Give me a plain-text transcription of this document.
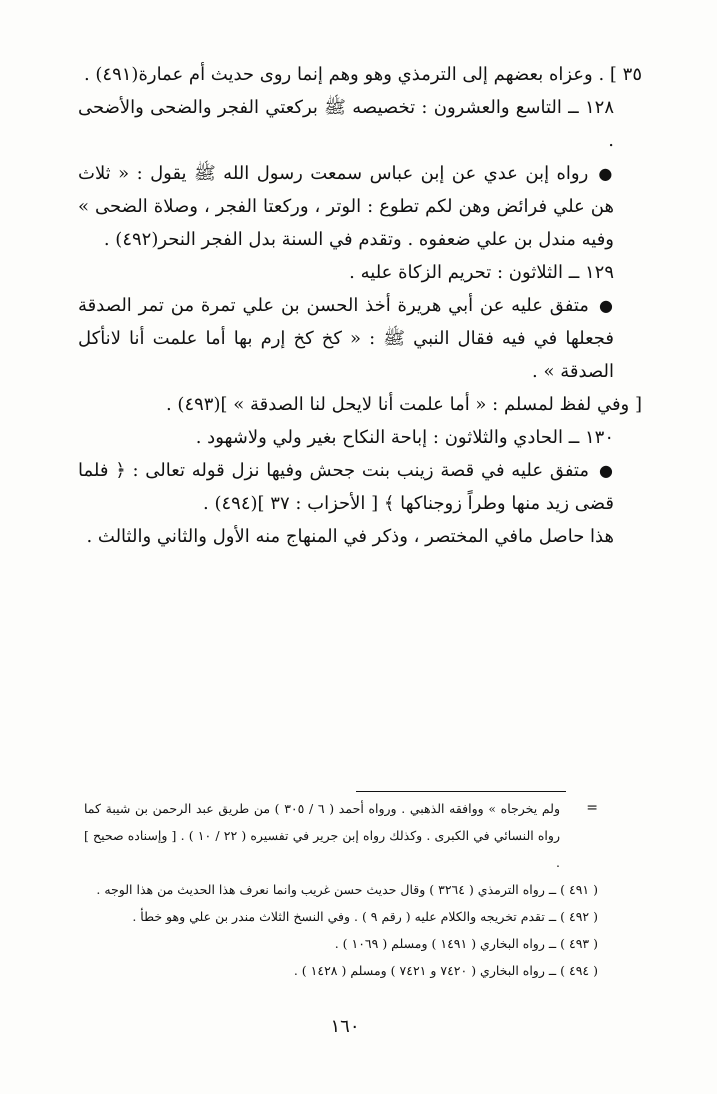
٣٥ ] . وعزاه بعضهم إلى الترمذي وهو وهم إنما روى حديث أم عمارة(٤٩١) .

١٢٨ ــ التاسع والعشرون : تخصيصه ﷺ بركعتي الفجر والضحى والأضحى .

●رواه إبن عدي عن إبن عباس سمعت رسول الله ﷺ يقول : « ثلاث هن علي فرائض وهن لكم تطوع : الوتر ، وركعتا الفجر ، وصلاة الضحى » وفيه مندل بن علي ضعفوه . وتقدم في السنة بدل الفجر النحر(٤٩٢) .

١٢٩ ــ الثلاثون : تحريم الزكاة عليه .

●متفق عليه عن أبي هريرة أخذ الحسن بن علي تمرة من تمر الصدقة فجعلها في فيه فقال النبي ﷺ : « كخ كخ إرم بها أما علمت أنا لانأكل الصدقة » .

[ وفي لفظ لمسلم : « أما علمت أنا لايحل لنا الصدقة » ](٤٩٣) .

١٣٠ ــ الحادي والثلاثون : إباحة النكاح بغير ولي ولاشهود .

●متفق عليه في قصة زينب بنت جحش وفيها نزل قوله تعالى : ﴿ فلما قضى زيد منها وطراً زوجناكها ﴾ [ الأحزاب : ٣٧ ](٤٩٤) .

هذا حاصل مافي المختصر ، وذكر في المنهاج منه الأول والثاني والثالث .

=

ولم يخرجاه » ووافقه الذهبي . ورواه أحمد ( ٦ / ٣٠٥ ) من طريق عبد الرحمن بن شيبة كما رواه النسائي في الكبرى . وكذلك رواه إبن جرير في تفسيره ( ٢٢ / ١٠ ) . [ وإسناده صحيح ] .

( ٤٩١ ) ــ رواه الترمذي ( ٣٢٦٤ ) وقال حديث حسن غريب وانما نعرف هذا الحديث من هذا الوجه .

( ٤٩٢ ) ــ تقدم تخريجه والكلام عليه ( رقم ٩ ) . وفي النسخ الثلاث مندر بن علي وهو خطأ .

( ٤٩٣ ) ــ رواه البخاري ( ١٤٩١ ) ومسلم ( ١٠٦٩ ) .

( ٤٩٤ ) ــ رواه البخاري ( ٧٤٢٠ و ٧٤٢١ ) ومسلم ( ١٤٢٨ ) .

١٦٠
